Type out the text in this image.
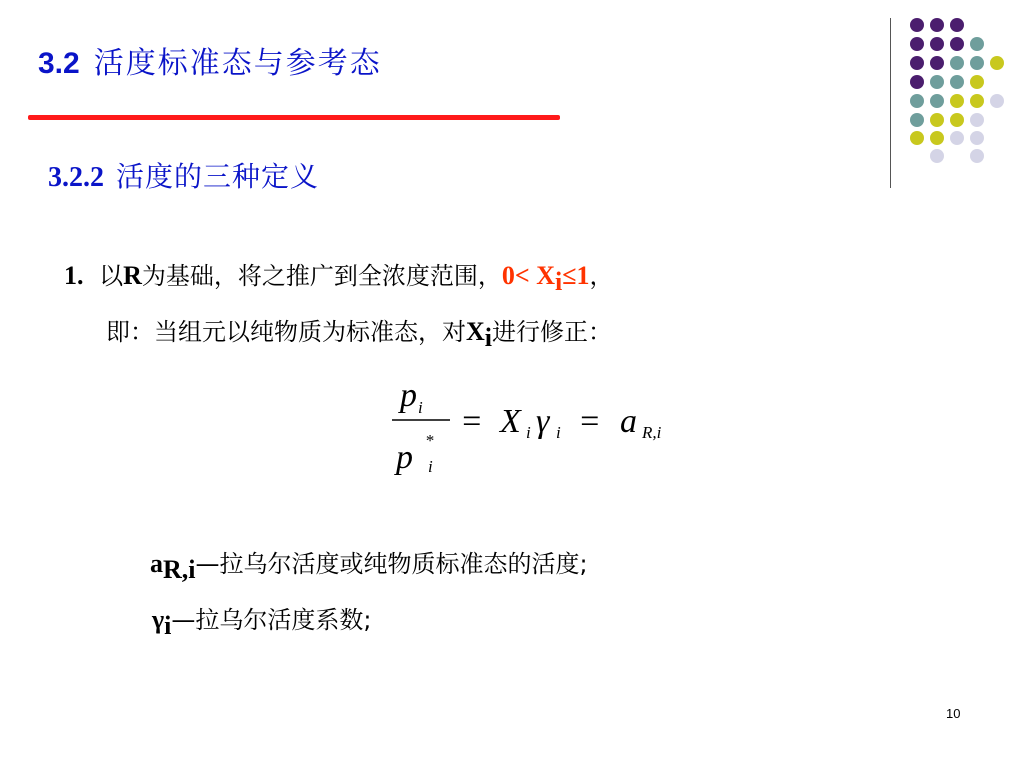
3.2 活度标准态与参考态
3.2.2 活度的三种定义
1. 以R为基础，将之推广到全浓度范围，$0< X_i\le 1$，
即：当组元以纯物质为标准态，对$X_i$进行修正：
p i
p *
i
= X i γ i = a R,i
$a_{R,i}—$拉乌尔活度或纯物质标准态的活度;
$\gamma_i—$拉乌尔活度系数;
10
